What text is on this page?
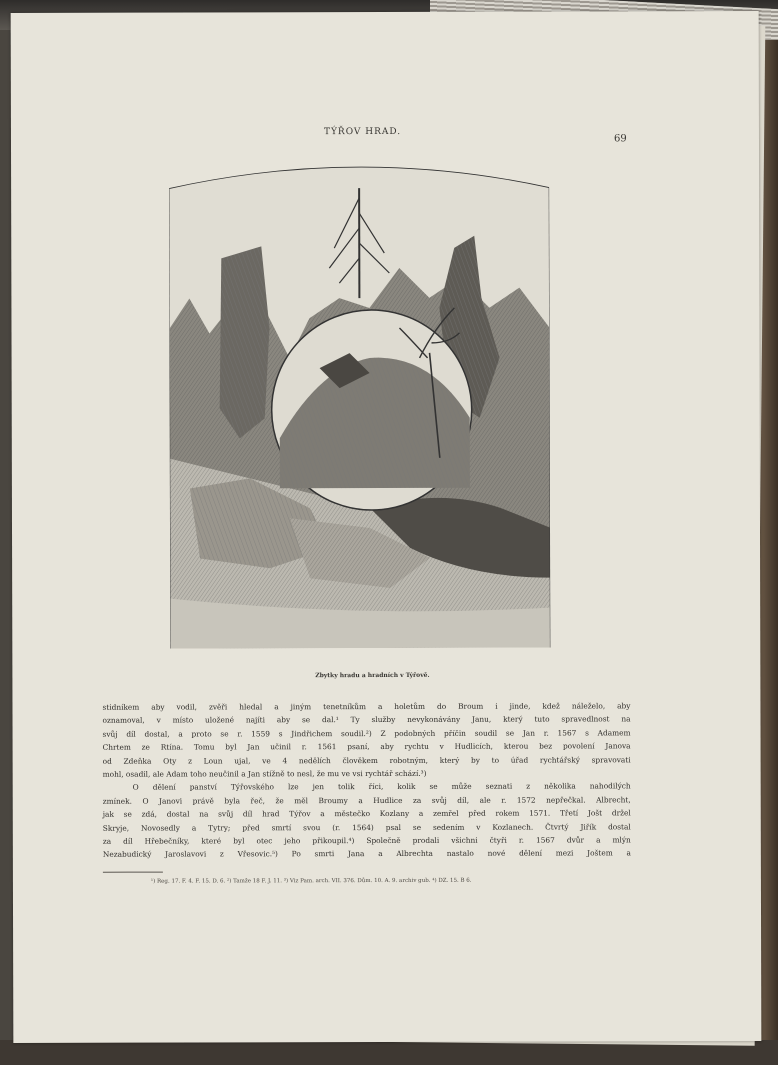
TÝŘOV HRAD.
69
Zbytky hradu a hradních v Týřově.

stidníkem aby vodil, zvěři hledal a jiným tenetníkům a holetům do Broum i jinde, kdež náleželo, aby

oznamoval, v místo uložené najíti aby se dal.¹ Ty služby nevykonávány Janu, který tuto spravedlnost na

svůj díl dostal, a proto se r. 1559 s Jindřichem soudil.²) Z podobných příčin soudil se Jan r. 1567 s Adamem

Chrtem ze Rtína. Tomu byl Jan učinil r. 1561 psaní, aby rychtu v Hudlicích, kterou bez povolení Janova

od Zdeňka Oty z Loun ujal, ve 4 nedělích člověkem robotným, který by to úřad rychtářský spravovati

mohl, osadil, ale Adam toho neučinil a Jan stížně to nesl, že mu ve vsi rychtář schází.³)

O dělení panství Týřovského lze jen tolik říci, kolik se může seznati z několika nahodilých

zmínek. O Janovi právě byla řeč, že měl Broumy a Hudlice za svůj díl, ale r. 1572 nepřečkal. Albrecht,

jak se zdá, dostal na svůj díl hrad Týřov a městečko Kozlany a zemřel před rokem 1571. Třetí Jošt držel

Skryje, Novosedly a Tytry; před smrtí svou (r. 1564) psal se sedením v Kozlanech. Čtvrtý Jiřík dostal

za díl Hřebečníky, které byl otec jeho přikoupil.⁴) Společně prodali všichni čtyři r. 1567 dvůr a mlýn

Nezabudický Jaroslavovi z Vřesovic.⁵) Po smrti Jana a Albrechta nastalo nové dělení mezi Joštem a

¹) Reg. 17. F. 4. F. 15. D. 6. ²) Tamže 18 F. J. 11. ³) Viz Pam. arch. VII. 376. Dům. 10. A. 9. archiv gub. ⁴) DZ. 15. B 6.
